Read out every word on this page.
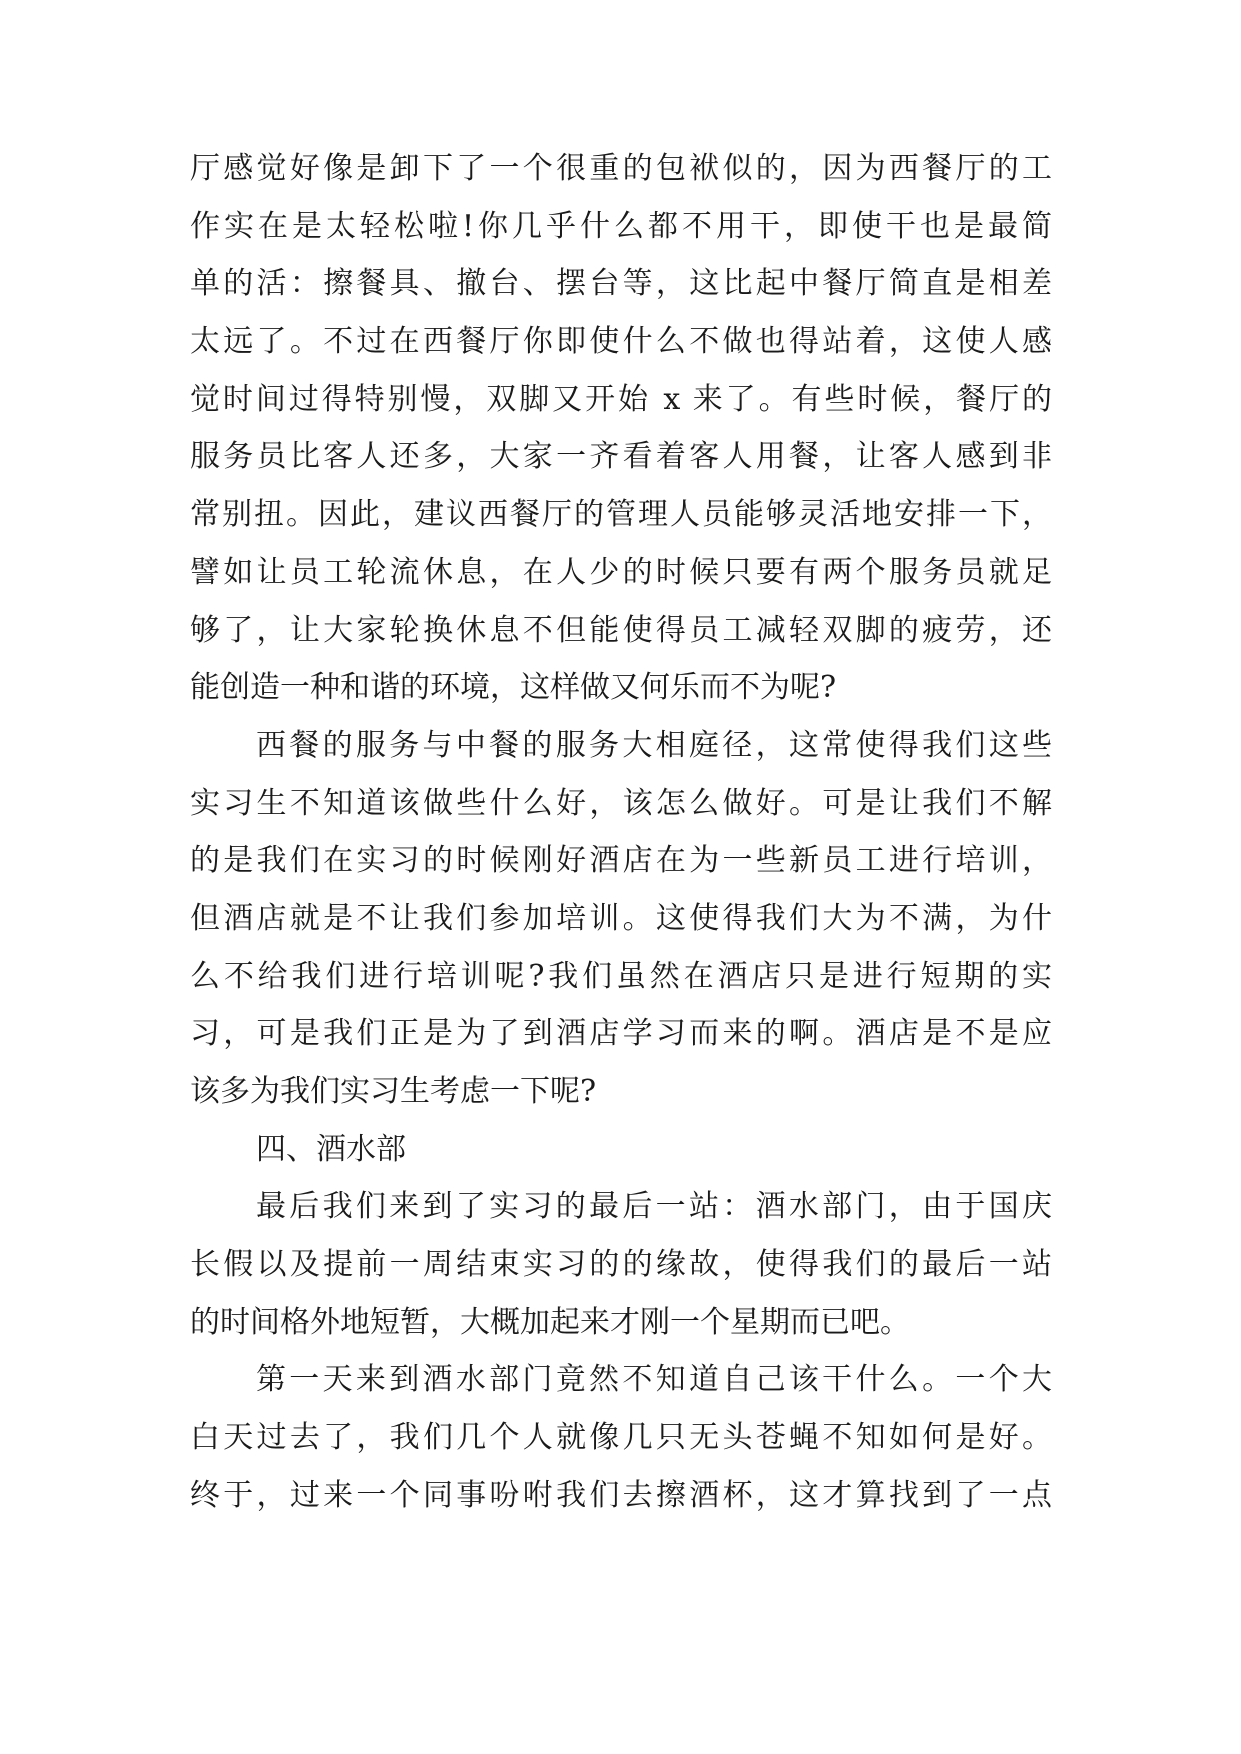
厅感觉好像是卸下了一个很重的包袱似的，因为西餐厅的工
作实在是太轻松啦!你几乎什么都不用干，即使干也是最简
单的活：擦餐具、撤台、摆台等，这比起中餐厅简直是相差
太远了。不过在西餐厅你即使什么不做也得站着，这使人感
觉时间过得特别慢，双脚又开始 x 来了。有些时候，餐厅的
服务员比客人还多，大家一齐看着客人用餐，让客人感到非
常别扭。因此，建议西餐厅的管理人员能够灵活地安排一下，
譬如让员工轮流休息，在人少的时候只要有两个服务员就足
够了，让大家轮换休息不但能使得员工减轻双脚的疲劳，还
能创造一种和谐的环境，这样做又何乐而不为呢?
西餐的服务与中餐的服务大相庭径，这常使得我们这些
实习生不知道该做些什么好，该怎么做好。可是让我们不解
的是我们在实习的时候刚好酒店在为一些新员工进行培训，
但酒店就是不让我们参加培训。这使得我们大为不满，为什
么不给我们进行培训呢?我们虽然在酒店只是进行短期的实
习，可是我们正是为了到酒店学习而来的啊。酒店是不是应
该多为我们实习生考虑一下呢?
四、酒水部
最后我们来到了实习的最后一站：酒水部门，由于国庆
长假以及提前一周结束实习的的缘故，使得我们的最后一站
的时间格外地短暂，大概加起来才刚一个星期而已吧。
第一天来到酒水部门竟然不知道自己该干什么。一个大
白天过去了，我们几个人就像几只无头苍蝇不知如何是好。
终于，过来一个同事吩咐我们去擦酒杯，这才算找到了一点
